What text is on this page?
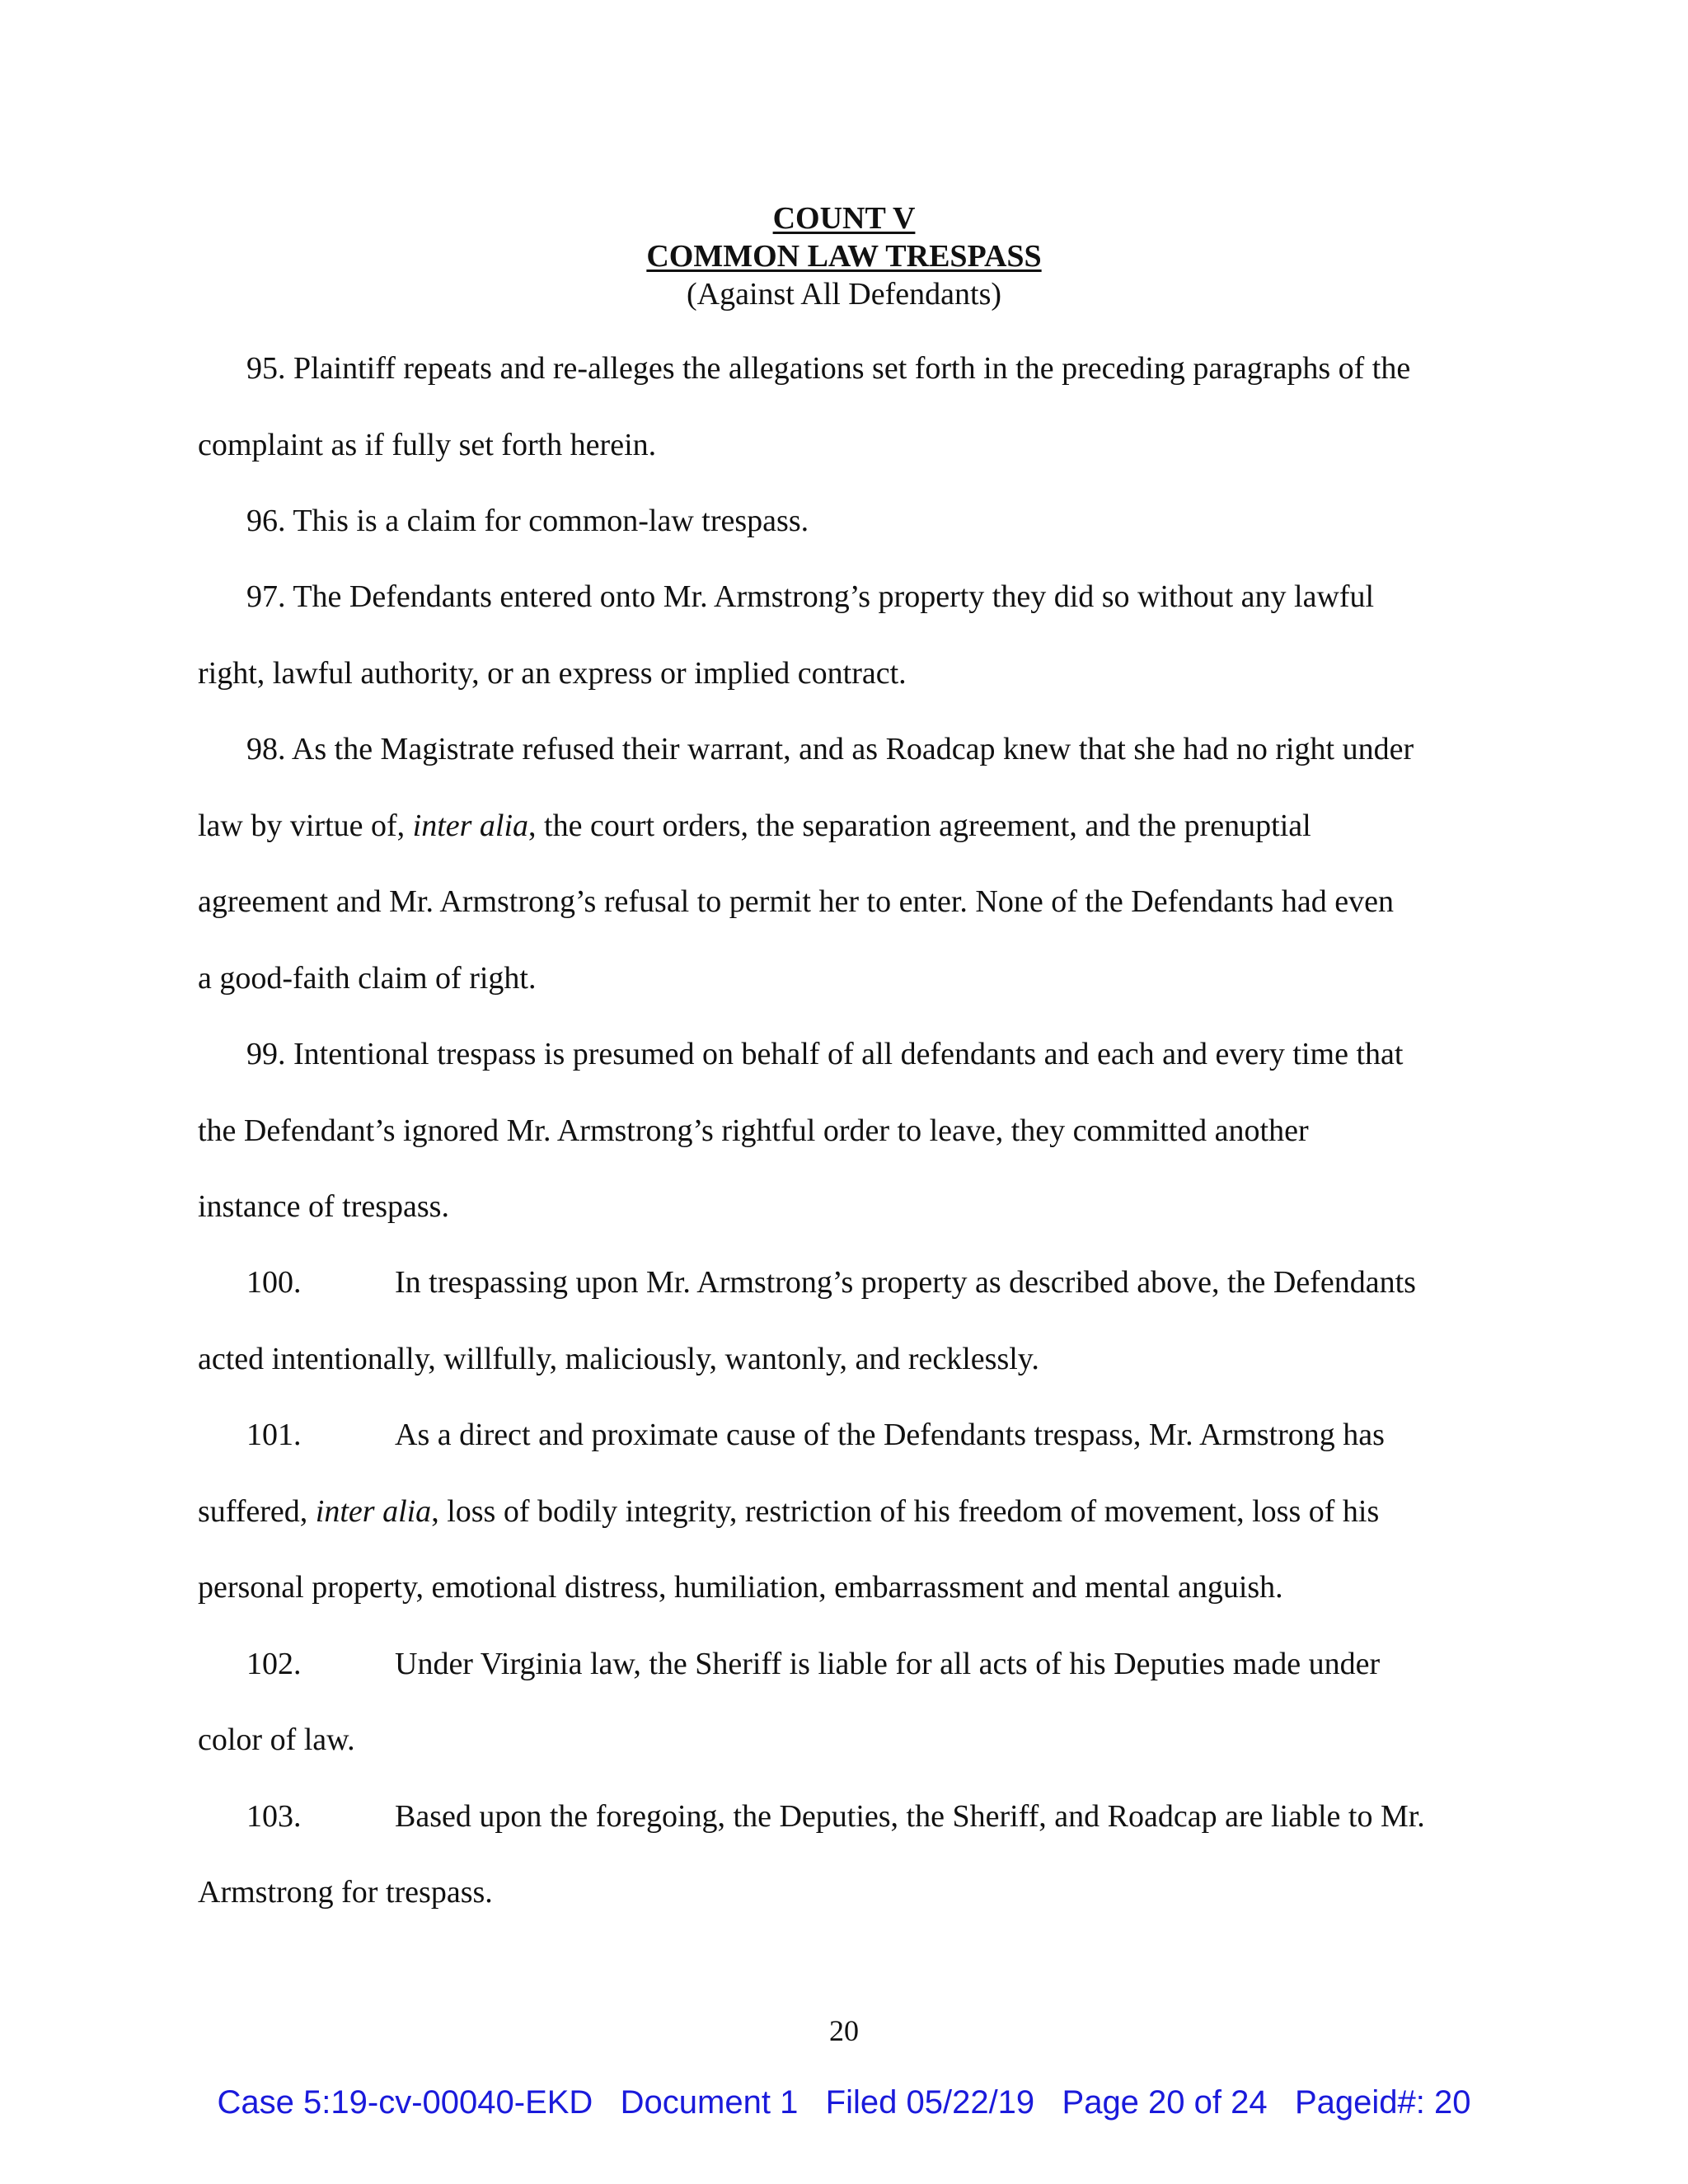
COUNT V
COMMON LAW TRESPASS
(Against All Defendants)
95. Plaintiff repeats and re-alleges the allegations set forth in the preceding paragraphs of the
complaint as if fully set forth herein.
96. This is a claim for common-law trespass.
97. The Defendants entered onto Mr. Armstrong’s property they did so without any lawful
right, lawful authority, or an express or implied contract.
98. As the Magistrate refused their warrant, and as Roadcap knew that she had no right under
law by virtue of, inter alia, the court orders, the separation agreement, and the prenuptial
agreement and Mr. Armstrong’s refusal to permit her to enter. None of the Defendants had even
a good-faith claim of right.
99. Intentional trespass is presumed on behalf of all defendants and each and every time that
the Defendant’s ignored Mr. Armstrong’s rightful order to leave, they committed another
instance of trespass.
100.	In trespassing upon Mr. Armstrong’s property as described above, the Defendants
acted intentionally, willfully, maliciously, wantonly, and recklessly.
101.	As a direct and proximate cause of the Defendants trespass, Mr. Armstrong has
suffered, inter alia, loss of bodily integrity, restriction of his freedom of movement, loss of his
personal property, emotional distress, humiliation, embarrassment and mental anguish.
102.	Under Virginia law, the Sheriff is liable for all acts of his Deputies made under
color of law.
103.	Based upon the foregoing, the Deputies, the Sheriff, and Roadcap are liable to Mr.
Armstrong for trespass.
20
Case 5:19-cv-00040-EKD   Document 1   Filed 05/22/19   Page 20 of 24   Pageid#: 20
